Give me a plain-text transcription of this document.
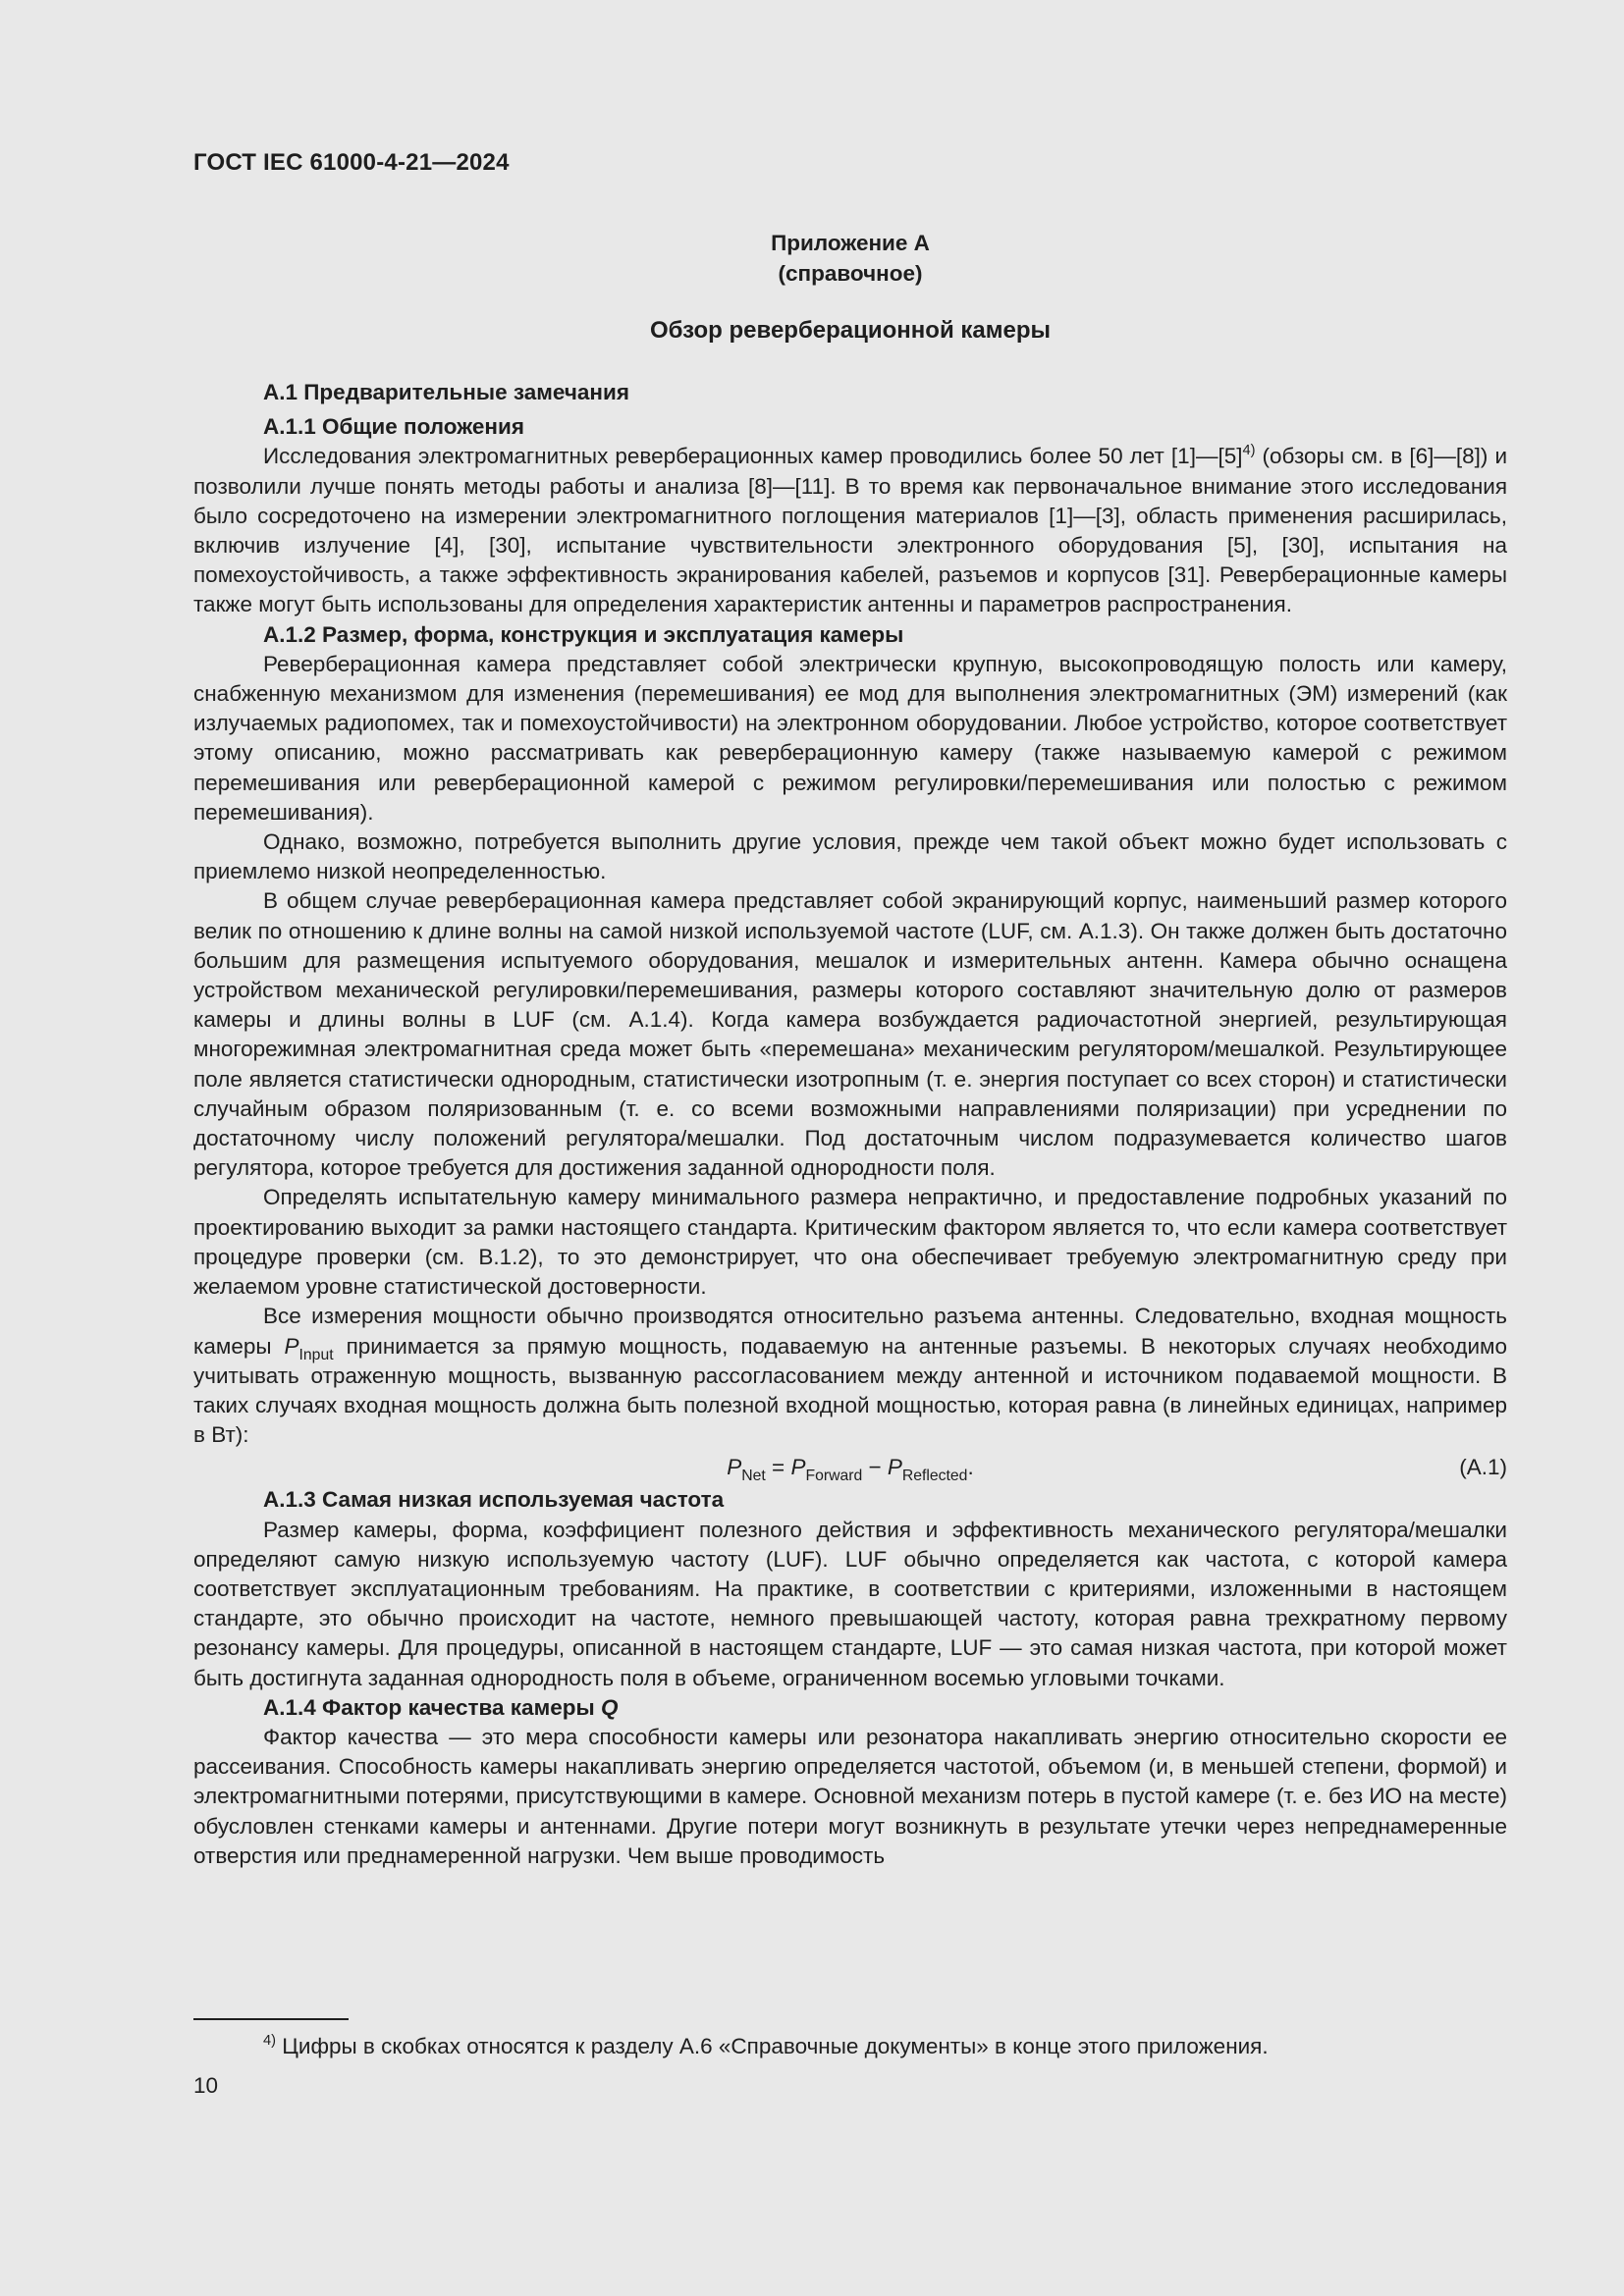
ГОСТ IEC 61000-4-21—2024
Приложение А
(справочное)
Обзор реверберационной камеры
А.1 Предварительные замечания
А.1.1 Общие положения

Исследования электромагнитных реверберационных камер проводились более 50 лет $[1]—[5]^{4)}$ (обзоры см. в [6]—[8]) и позволили лучше понять методы работы и анализа [8]—[11]. В то время как первоначальное внимание этого исследования было сосредоточено на измерении электромагнитного поглощения материалов [1]—[3], область применения расширилась, включив излучение [4], [30], испытание чувствительности электронного оборудования [5], [30], испытания на помехоустойчивость, а также эффективность экранирования кабелей, разъемов и корпусов [31]. Реверберационные камеры также могут быть использованы для определения характеристик антенны и параметров распространения.

А.1.2 Размер, форма, конструкция и эксплуатация камеры

Реверберационная камера представляет собой электрически крупную, высокопроводящую полость или камеру, снабженную механизмом для изменения (перемешивания) ее мод для выполнения электромагнитных (ЭМ) измерений (как излучаемых радиопомех, так и помехоустойчивости) на электронном оборудовании. Любое устройство, которое соответствует этому описанию, можно рассматривать как реверберационную камеру (также называемую камерой с режимом перемешивания или реверберационной камерой с режимом регулировки/перемешивания или полостью с режимом перемешивания).

Однако, возможно, потребуется выполнить другие условия, прежде чем такой объект можно будет использовать с приемлемо низкой неопределенностью.

В общем случае реверберационная камера представляет собой экранирующий корпус, наименьший размер которого велик по отношению к длине волны на самой низкой используемой частоте (LUF, см. А.1.3). Он также должен быть достаточно большим для размещения испытуемого оборудования, мешалок и измерительных антенн. Камера обычно оснащена устройством механической регулировки/перемешивания, размеры которого составляют значительную долю от размеров камеры и длины волны в LUF (см. А.1.4). Когда камера возбуждается радиочастотной энергией, результирующая многорежимная электромагнитная среда может быть «перемешана» механическим регулятором/мешалкой. Результирующее поле является статистически однородным, статистически изотропным (т. е. энергия поступает со всех сторон) и статистически случайным образом поляризованным (т. е. со всеми возможными направлениями поляризации) при усреднении по достаточному числу положений регулятора/мешалки. Под достаточным числом подразумевается количество шагов регулятора, которое требуется для достижения заданной однородности поля.

Определять испытательную камеру минимального размера непрактично, и предоставление подробных указаний по проектированию выходит за рамки настоящего стандарта. Критическим фактором является то, что если камера соответствует процедуре проверки (см. В.1.2), то это демонстрирует, что она обеспечивает требуемую электромагнитную среду при желаемом уровне статистической достоверности.

Все измерения мощности обычно производятся относительно разъема антенны. Следовательно, входная мощность камеры $P_{Input}$ принимается за прямую мощность, подаваемую на антенные разъемы. В некоторых случаях необходимо учитывать отраженную мощность, вызванную рассогласованием между антенной и источником подаваемой мощности. В таких случаях входная мощность должна быть полезной входной мощностью, которая равна (в линейных единицах, например в Вт):

$P_{Net} = P_{Forward} - P_{Reflected}$.	(А.1)
А.1.3 Самая низкая используемая частота

Размер камеры, форма, коэффициент полезного действия и эффективность механического регулятора/мешалки определяют самую низкую используемую частоту (LUF). LUF обычно определяется как частота, с которой камера соответствует эксплуатационным требованиям. На практике, в соответствии с критериями, изложенными в настоящем стандарте, это обычно происходит на частоте, немного превышающей частоту, которая равна трехкратному первому резонансу камеры. Для процедуры, описанной в настоящем стандарте, LUF — это самая низкая частота, при которой может быть достигнута заданная однородность поля в объеме, ограниченном восемью угловыми точками.

А.1.4 Фактор качества камеры Q

Фактор качества — это мера способности камеры или резонатора накапливать энергию относительно скорости ее рассеивания. Способность камеры накапливать энергию определяется частотой, объемом (и, в меньшей степени, формой) и электромагнитными потерями, присутствующими в камере. Основной механизм потерь в пустой камере (т. е. без ИО на месте) обусловлен стенками камеры и антеннами. Другие потери могут возникнуть в результате утечки через непреднамеренные отверстия или преднамеренной нагрузки. Чем выше проводимость

$^{4)}$ Цифры в скобках относятся к разделу А.6 «Справочные документы» в конце этого приложения.
10
